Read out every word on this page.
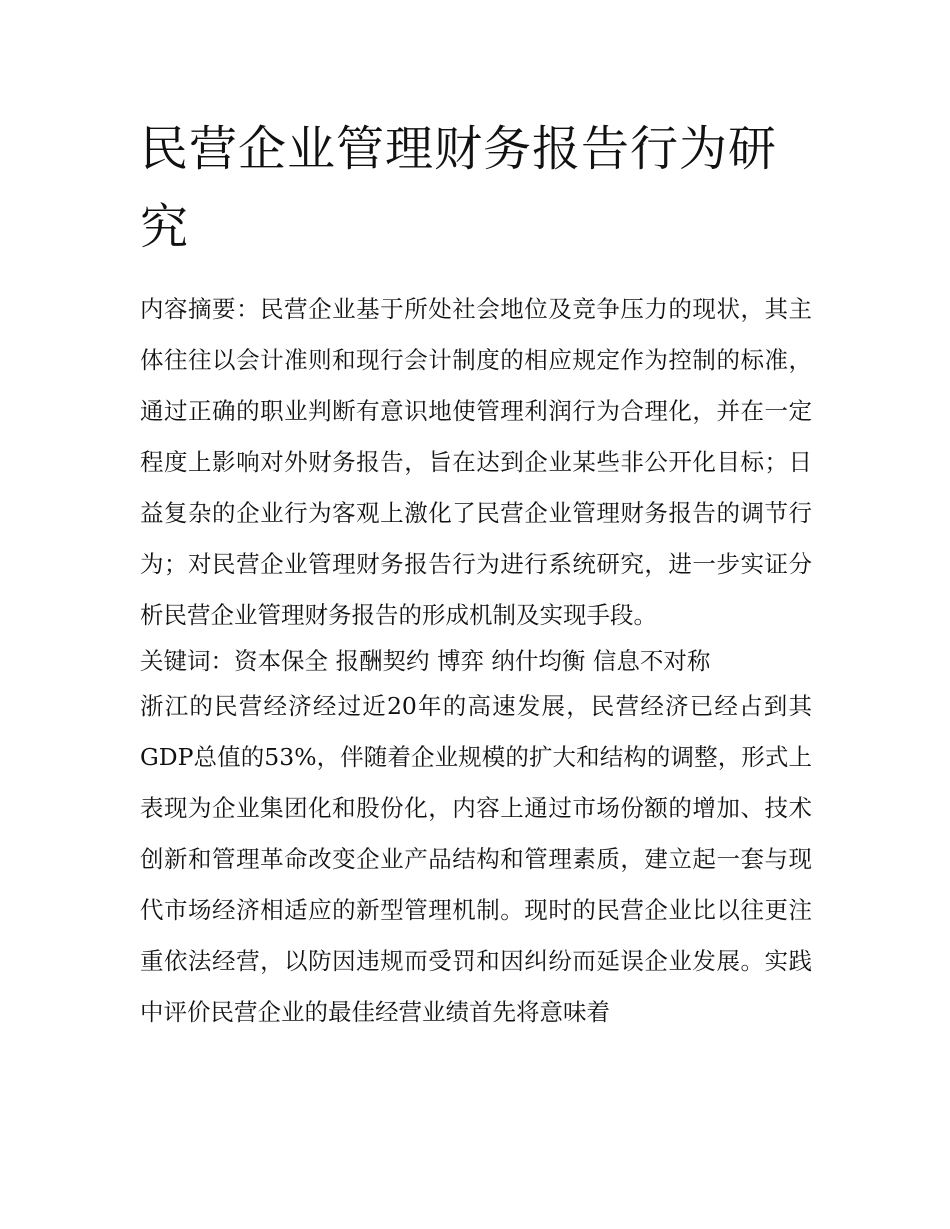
民营企业管理财务报告行为研究

内容摘要：民营企业基于所处社会地位及竞争压力的现状，其主体往往以会计准则和现行会计制度的相应规定作为控制的标准，通过正确的职业判断有意识地使管理利润行为合理化，并在一定程度上影响对外财务报告，旨在达到企业某些非公开化目标；日益复杂的企业行为客观上激化了民营企业管理财务报告的调节行为；对民营企业管理财务报告行为进行系统研究，进一步实证分析民营企业管理财务报告的形成机制及实现手段。

关键词：资本保全 报酬契约 博弈 纳什均衡 信息不对称

浙江的民营经济经过近20年的高速发展，民营经济已经占到其GDP总值的53%，伴随着企业规模的扩大和结构的调整，形式上表现为企业集团化和股份化，内容上通过市场份额的增加、技术创新和管理革命改变企业产品结构和管理素质，建立起一套与现代市场经济相适应的新型管理机制。现时的民营企业比以往更注重依法经营，以防因违规而受罚和因纠纷而延误企业发展。实践中评价民营企业的最佳经营业绩首先将意味着
